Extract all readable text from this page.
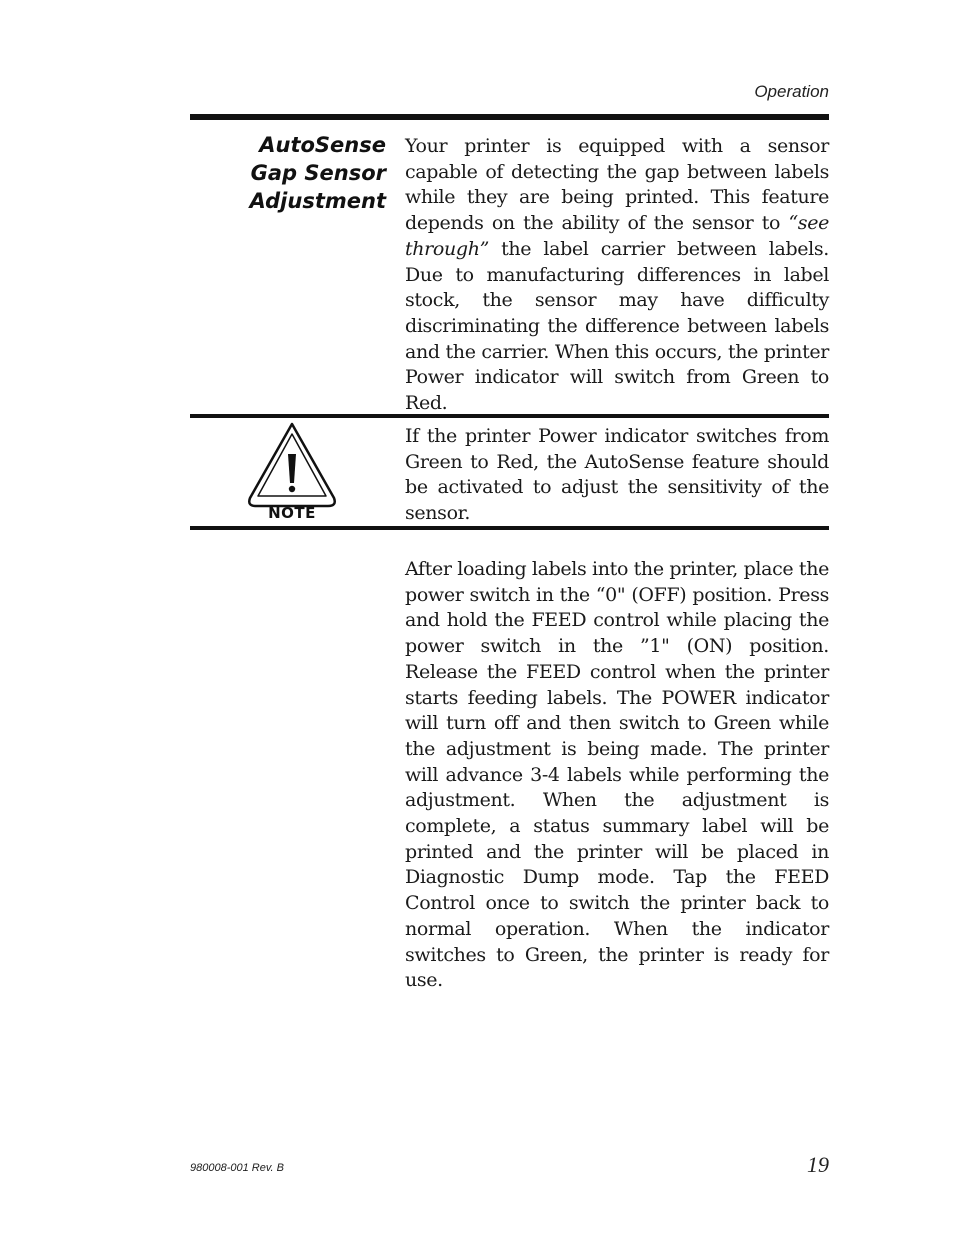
Operation
AutoSense
Gap Sensor
Adjustment
Your printer is equipped with a sensor capable of detecting the gap between labels while they are being printed. This feature depends on the ability of the sensor to “see through” the label carrier between labels. Due to manufacturing differences in label stock, the sensor may have difficulty discriminating the difference between labels and the carrier. When this occurs, the printer Power indicator will switch from Green to Red.
NOTE
If the printer Power indicator switches from Green to Red, the AutoSense feature should be activated to adjust the sensitivity of the sensor.
After loading labels into the printer, place the power switch in the “0" (OFF) position. Press and hold the FEED control while placing the power switch in the ”1" (ON) position. Release the FEED control when the printer starts feeding labels. The POWER indicator will turn off and then switch to Green while the adjustment is being made. The printer will advance 3-4 labels while performing the adjustment. When the adjustment is complete, a status summary label will be printed and the printer will be placed in Diagnostic Dump mode. Tap the FEED Control once to switch the printer back to normal operation. When the indicator switches to Green, the printer is ready for use.
980008-001 Rev. B	19
